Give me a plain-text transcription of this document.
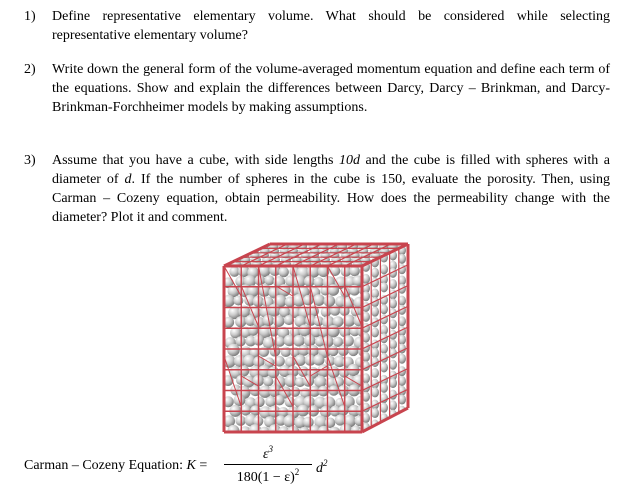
1) Define representative elementary volume. What should be considered while selecting representative elementary volume?
2) Write down the general form of the volume-averaged momentum equation and define each term of the equations. Show and explain the differences between Darcy, Darcy – Brinkman, and Darcy-Brinkman-Forchheimer models by making assumptions.
3) Assume that you have a cube, with side lengths 10d and the cube is filled with spheres with a diameter of d. If the number of spheres in the cube is 150, evaluate the porosity. Then, using Carman – Cozeny equation, obtain permeability. How does the permeability change with the diameter? Plot it and comment.
Carman – Cozeny Equation: K =
$\varepsilon^3$
$180(1 - \varepsilon)^2$	$d^2$
